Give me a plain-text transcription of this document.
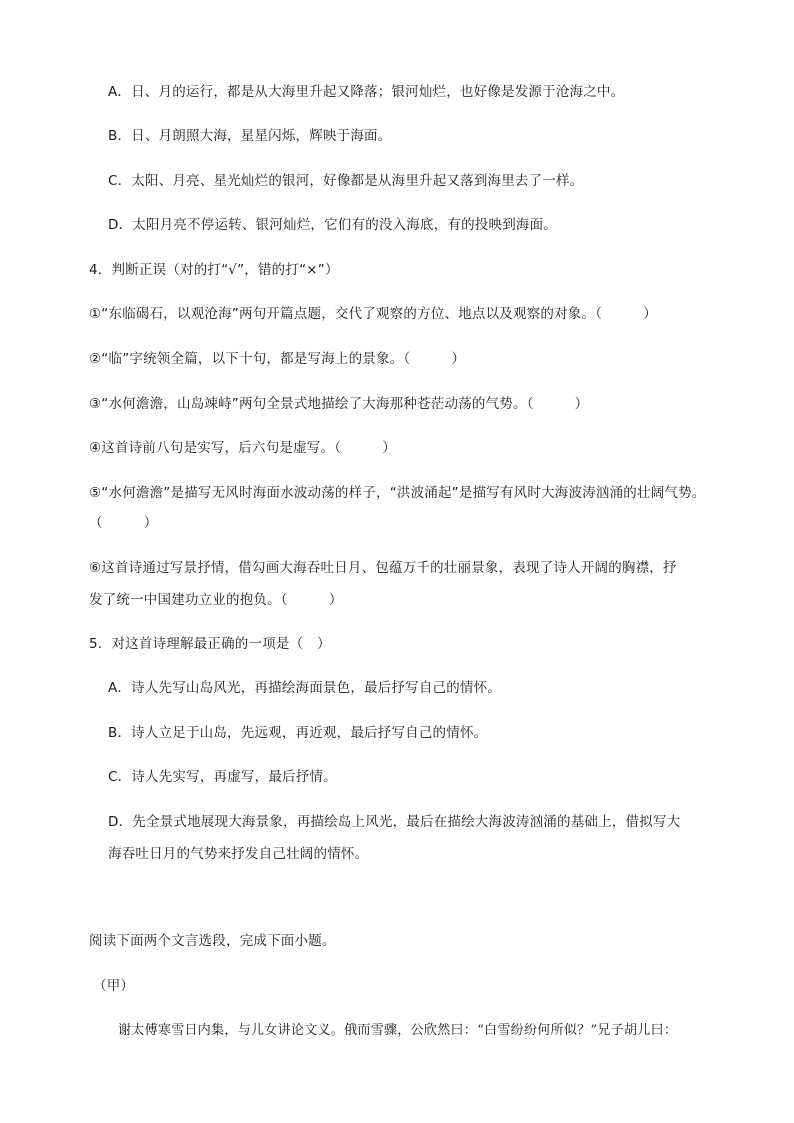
A．日、月的运行，都是从大海里升起又降落；银河灿烂，也好像是发源于沧海之中。
B．日、月朗照大海，星星闪烁，辉映于海面。
C．太阳、月亮、星光灿烂的银河，好像都是从海里升起又落到海里去了一样。
D．太阳月亮不停运转、银河灿烂，它们有的没入海底，有的投映到海面。
4．判断正误（对的打“√”，错的打“×”）
①“东临碣石，以观沧海”两句开篇点题，交代了观察的方位、地点以及观察的对象。（　　　）
②“临”字统领全篇，以下十句，都是写海上的景象。（　　　）
③“水何澹澹，山岛竦峙”两句全景式地描绘了大海那种苍茫动荡的气势。（　　　）
④这首诗前八句是实写，后六句是虚写。（　　　）
⑤“水何澹澹”是描写无风时海面水波动荡的样子，“洪波涌起”是描写有风时大海波涛汹涌的壮阔气势。
（　　　）
⑥这首诗通过写景抒情，借勾画大海吞吐日月、包蕴万千的壮丽景象，表现了诗人开阔的胸襟，抒
发了统一中国建功立业的抱负。（　　　）
5．对这首诗理解最正确的一项是（　）
A．诗人先写山岛风光，再描绘海面景色，最后抒写自己的情怀。
B．诗人立足于山岛，先远观，再近观，最后抒写自己的情怀。
C．诗人先实写，再虚写，最后抒情。
D．先全景式地展现大海景象，再描绘岛上风光，最后在描绘大海波涛汹涌的基础上，借拟写大
海吞吐日月的气势来抒发自己壮阔的情怀。
阅读下面两个文言选段，完成下面小题。
（甲）
谢太傅寒雪日内集，与儿女讲论文义。俄而雪骤，公欣然曰：“白雪纷纷何所似？”兄子胡儿曰：
